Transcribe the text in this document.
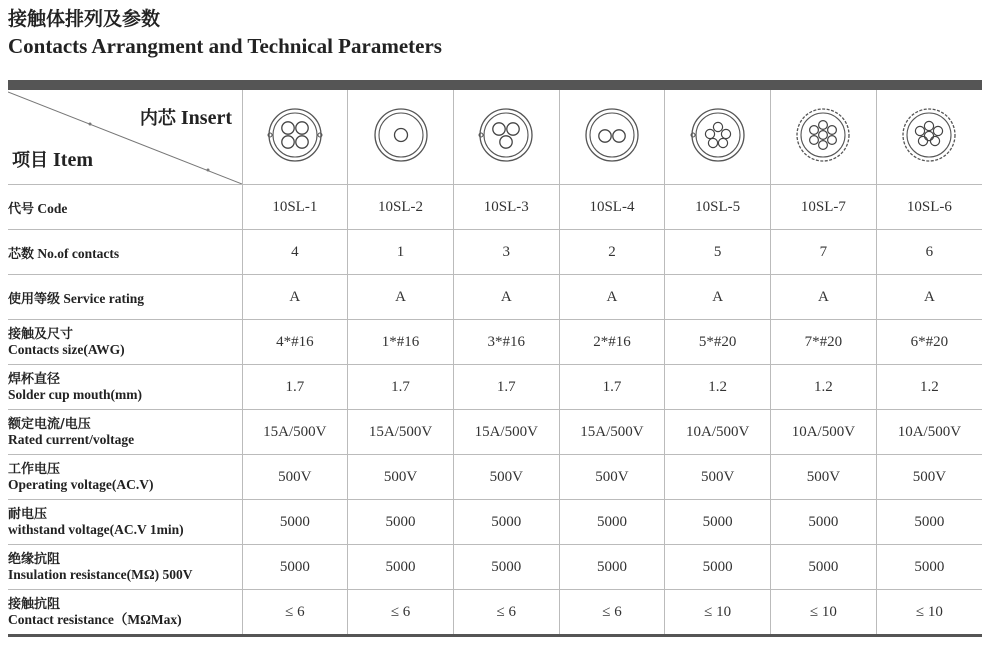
接触体排列及参数
Contacts Arrangment and Technical Parameters
内芯 Insert
项目 Item

代号 Code	10SL-1	10SL-2	10SL-3	10SL-4	10SL-5	10SL-7	10SL-6

芯数 No.of contacts	4	1	3	2	5	7	6

使用等级 Service rating	A	A	A	A	A	A	A

接触及尺寸
Contacts size(AWG)	4*#16	1*#16	3*#16	2*#16	5*#20	7*#20	6*#20

焊杯直径
Solder cup mouth(mm)	1.7	1.7	1.7	1.7	1.2	1.2	1.2

额定电流/电压
Rated current/voltage	15A/500V	15A/500V	15A/500V	15A/500V	10A/500V	10A/500V	10A/500V

工作电压
Operating voltage(AC.V)	500V	500V	500V	500V	500V	500V	500V

耐电压
withstand voltage(AC.V 1min)	5000	5000	5000	5000	5000	5000	5000

绝缘抗阻
Insulation resistance(MΩ) 500V	5000	5000	5000	5000	5000	5000	5000

接触抗阻
Contact resistance（MΩMax)	≤ 6	≤ 6	≤ 6	≤ 6	≤ 10	≤ 10	≤ 10
